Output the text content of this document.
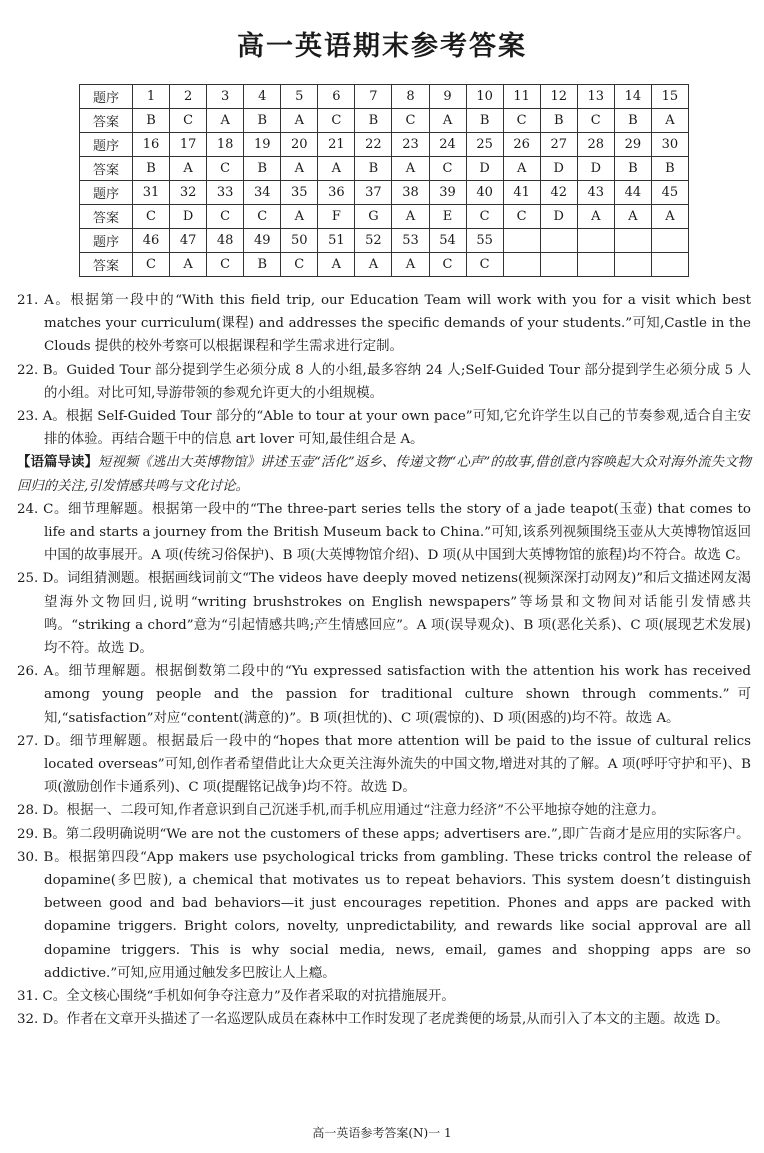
高一英语期末参考答案
题序	1	2	3	4	5	6	7	8	9	10	11	12	13	14	15
答案	B	C	A	B	A	C	B	C	A	B	C	B	C	B	A
题序	16	17	18	19	20	21	22	23	24	25	26	27	28	29	30
答案	B	A	C	B	A	A	B	A	C	D	A	D	D	B	B
题序	31	32	33	34	35	36	37	38	39	40	41	42	43	44	45
答案	C	D	C	C	A	F	G	A	E	C	C	D	A	A	A
题序	46	47	48	49	50	51	52	53	54	55					
答案	C	A	C	B	C	A	A	A	C	C					

21. A。根据第一段中的“With this field trip, our Education Team will work with you for a visit which best matches your curriculum(课程) and addresses the specific demands of your students.”可知,Castle in the Clouds 提供的校外考察可以根据课程和学生需求进行定制。

22. B。Guided Tour 部分提到学生必须分成 8 人的小组,最多容纳 24 人;Self-Guided Tour 部分提到学生必须分成 5 人的小组。对比可知,导游带领的参观允许更大的小组规模。

23. A。根据 Self-Guided Tour 部分的“Able to tour at your own pace”可知,它允许学生以自己的节奏参观,适合自主安排的体验。再结合题干中的信息 art lover 可知,最佳组合是 A。

【语篇导读】短视频《逃出大英博物馆》讲述玉壶“活化”返乡、传递文物“心声”的故事,借创意内容唤起大众对海外流失文物回归的关注,引发情感共鸣与文化讨论。

24. C。细节理解题。根据第一段中的“The three-part series tells the story of a jade teapot(玉壶) that comes to life and starts a journey from the British Museum back to China.”可知,该系列视频围绕玉壶从大英博物馆返回中国的故事展开。A 项(传统习俗保护)、B 项(大英博物馆介绍)、D 项(从中国到大英博物馆的旅程)均不符合。故选 C。

25. D。词组猜测题。根据画线词前文“The videos have deeply moved netizens(视频深深打动网友)”和后文描述网友渴望海外文物回归,说明“writing brushstrokes on English newspapers”等场景和文物间对话能引发情感共鸣。“striking a chord”意为“引起情感共鸣;产生情感回应”。A 项(误导观众)、B 项(恶化关系)、C 项(展现艺术发展)均不符。故选 D。

26. A。细节理解题。根据倒数第二段中的“Yu expressed satisfaction with the attention his work has received among young people and the passion for traditional culture shown through comments.”可知,“satisfaction”对应“content(满意的)”。B 项(担忧的)、C 项(震惊的)、D 项(困惑的)均不符。故选 A。

27. D。细节理解题。根据最后一段中的“hopes that more attention will be paid to the issue of cultural relics located overseas”可知,创作者希望借此让大众更关注海外流失的中国文物,增进对其的了解。A 项(呼吁守护和平)、B 项(激励创作卡通系列)、C 项(提醒铭记战争)均不符。故选 D。

28. D。根据一、二段可知,作者意识到自己沉迷手机,而手机应用通过“注意力经济”不公平地掠夺她的注意力。

29. B。第二段明确说明“We are not the customers of these apps; advertisers are.”,即广告商才是应用的实际客户。

30. B。根据第四段“App makers use psychological tricks from gambling. These tricks control the release of dopamine(多巴胺), a chemical that motivates us to repeat behaviors. This system doesn’t distinguish between good and bad behaviors—it just encourages repetition. Phones and apps are packed with dopamine triggers. Bright colors, novelty, unpredictability, and rewards like social approval are all dopamine triggers. This is why social media, news, email, games and shopping apps are so addictive.”可知,应用通过触发多巴胺让人上瘾。

31. C。全文核心围绕“手机如何争夺注意力”及作者采取的对抗措施展开。

32. D。作者在文章开头描述了一名巡逻队成员在森林中工作时发现了老虎粪便的场景,从而引入了本文的主题。故选 D。

高一英语参考答案(N)一 1
